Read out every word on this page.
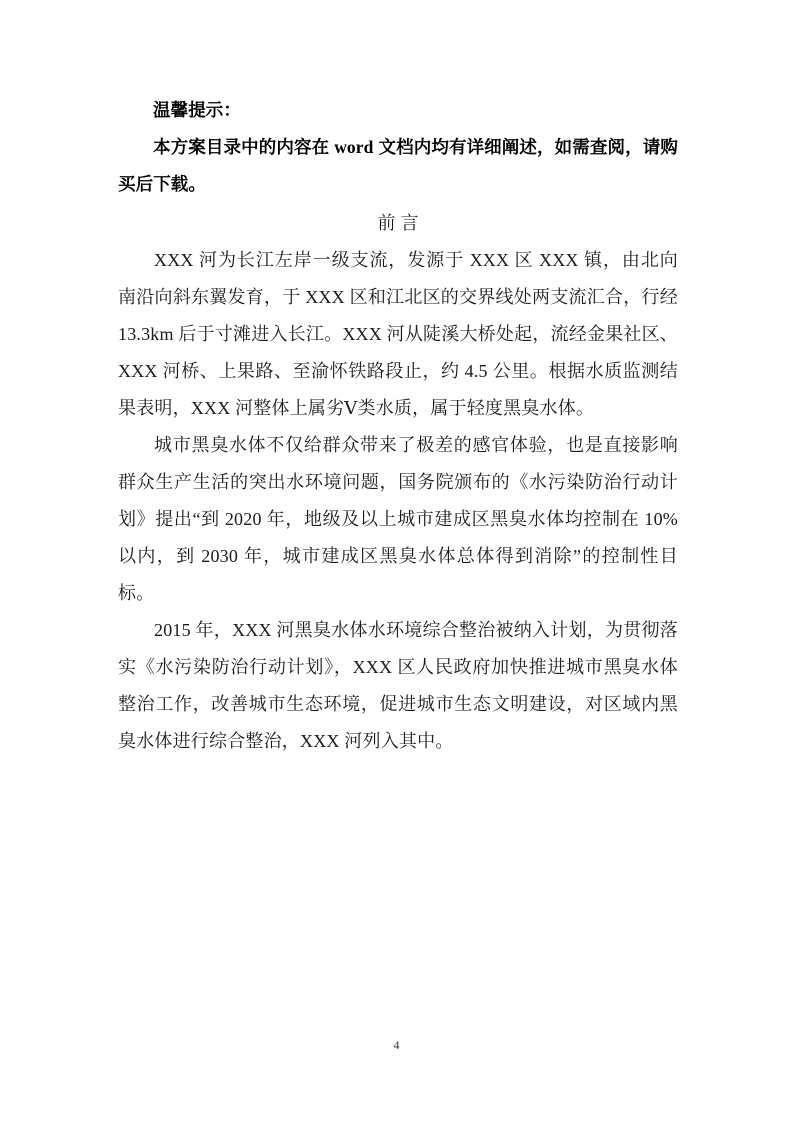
温馨提示：
本方案目录中的内容在 word 文档内均有详细阐述，如需查阅，请购买后下载。
前言

XXX 河为长江左岸一级支流，发源于 XXX 区 XXX 镇，由北向南沿向斜东翼发育，于 XXX 区和江北区的交界线处两支流汇合，行经 13.3km 后于寸滩进入长江。XXX 河从陡溪大桥处起，流经金果社区、XXX 河桥、上果路、至渝怀铁路段止，约 4.5 公里。根据水质监测结果表明，XXX 河整体上属劣Ⅴ类水质，属于轻度黑臭水体。

城市黑臭水体不仅给群众带来了极差的感官体验，也是直接影响群众生产生活的突出水环境问题，国务院颁布的《水污染防治行动计划》提出“到 2020 年，地级及以上城市建成区黑臭水体均控制在 10% 以内，到 2030 年，城市建成区黑臭水体总体得到消除”的控制性目标。

2015 年，XXX 河黑臭水体水环境综合整治被纳入计划，为贯彻落实《水污染防治行动计划》，XXX 区人民政府加快推进城市黑臭水体整治工作，改善城市生态环境，促进城市生态文明建设，对区域内黑臭水体进行综合整治，XXX 河列入其中。

4
